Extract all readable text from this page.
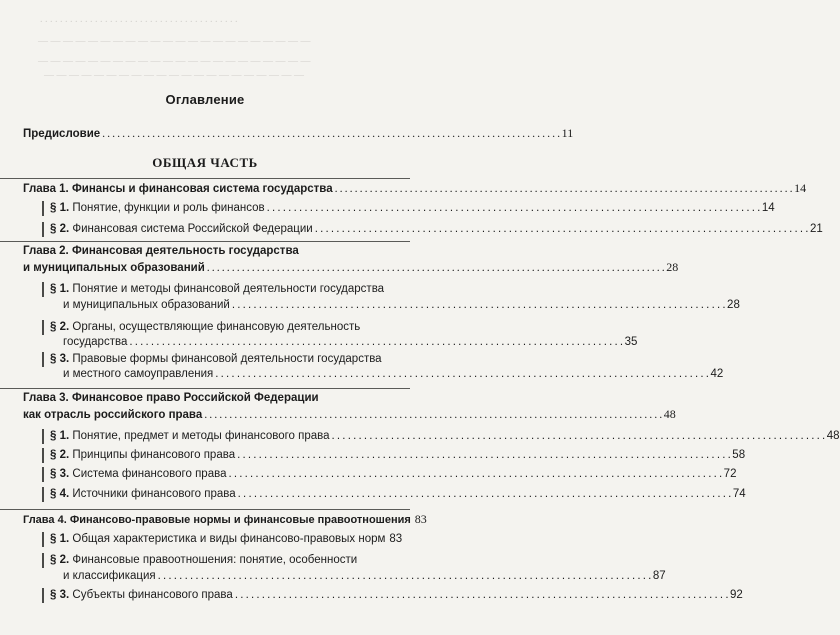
. . . . . . . . . . . . . . . . . . . . . . . . . . . . . . . . . . . . . . . .
— — — — — — — — — — — — — — — — — — — — — —
— — — — — — — — — — — — — — — — — — — — — —
— — — — — — — — — — — — — — — — — — — — —
Оглавление
Предисловие . . .	11
ОБЩАЯ ЧАСТЬ
Глава 1. Финансы и финансовая система государства . . .	14
§ 1. Понятие, функции и роль финансов . . .	14
§ 2. Финансовая система Российской Федерации . . .	21
Глава 2. Финансовая деятельность государства
и муниципальных образований . . .	28
§ 1. Понятие и методы финансовой деятельности государства
и муниципальных образований . . .	28
§ 2. Органы, осуществляющие финансовую деятельность
государства . . .	35
§ 3. Правовые формы финансовой деятельности государства
и местного самоуправления . . .	42
Глава 3. Финансовое право Российской Федерации
как отрасль российского права . . .	48
§ 1. Понятие, предмет и методы финансового права . . .	48
§ 2. Принципы финансового права . . .	58
§ 3. Система финансового права . . .	72
§ 4. Источники финансового права . . .	74
Глава 4. Финансово-правовые нормы и финансовые правоотношения 83
§ 1. Общая характеристика и виды финансово-правовых норм 83
§ 2. Финансовые правоотношения: понятие, особенности
и классификация . . .	87
§ 3. Субъекты финансового права . . .	92
